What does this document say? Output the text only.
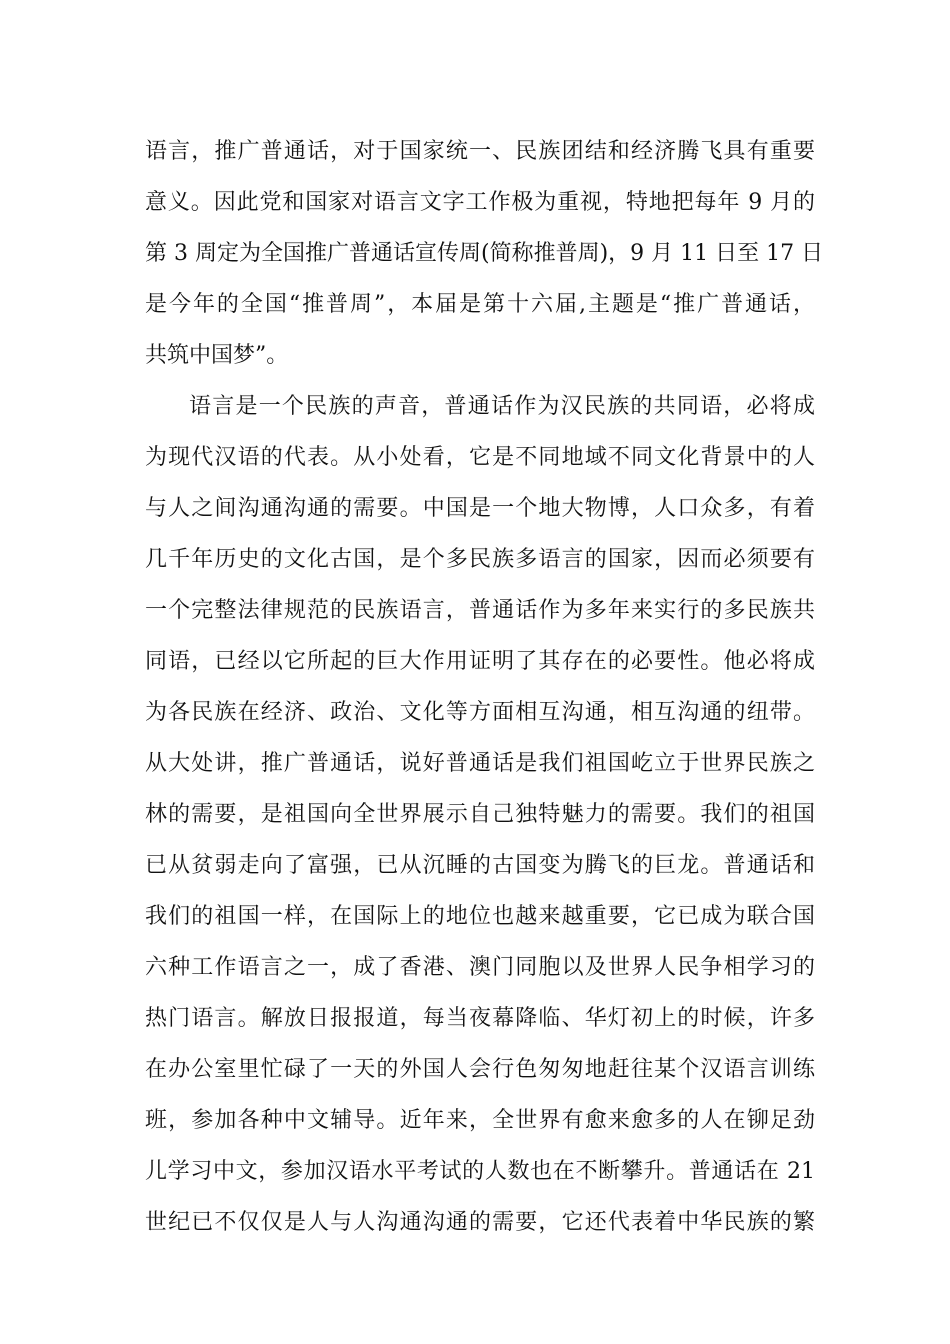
语言，推广普通话，对于国家统一、民族团结和经济腾飞具有重要
意义。因此党和国家对语言文字工作极为重视，特地把每年 9 月的
第 3 周定为全国推广普通话宣传周(简称推普周)，9 月 11 日至 17 日
是今年的全国“推普周”，本届是第十六届,主题是“推广普通话，
共筑中国梦”。
语言是一个民族的声音，普通话作为汉民族的共同语，必将成
为现代汉语的代表。从小处看，它是不同地域不同文化背景中的人
与人之间沟通沟通的需要。中国是一个地大物博，人口众多，有着
几千年历史的文化古国，是个多民族多语言的国家，因而必须要有
一个完整法律规范的民族语言，普通话作为多年来实行的多民族共
同语，已经以它所起的巨大作用证明了其存在的必要性。他必将成
为各民族在经济、政治、文化等方面相互沟通，相互沟通的纽带。
从大处讲，推广普通话，说好普通话是我们祖国屹立于世界民族之
林的需要，是祖国向全世界展示自己独特魅力的需要。我们的祖国
已从贫弱走向了富强，已从沉睡的古国变为腾飞的巨龙。普通话和
我们的祖国一样，在国际上的地位也越来越重要，它已成为联合国
六种工作语言之一，成了香港、澳门同胞以及世界人民争相学习的
热门语言。解放日报报道，每当夜幕降临、华灯初上的时候，许多
在办公室里忙碌了一天的外国人会行色匆匆地赶往某个汉语言训练
班，参加各种中文辅导。近年来，全世界有愈来愈多的人在铆足劲
儿学习中文，参加汉语水平考试的人数也在不断攀升。普通话在 21
世纪已不仅仅是人与人沟通沟通的需要，它还代表着中华民族的繁
